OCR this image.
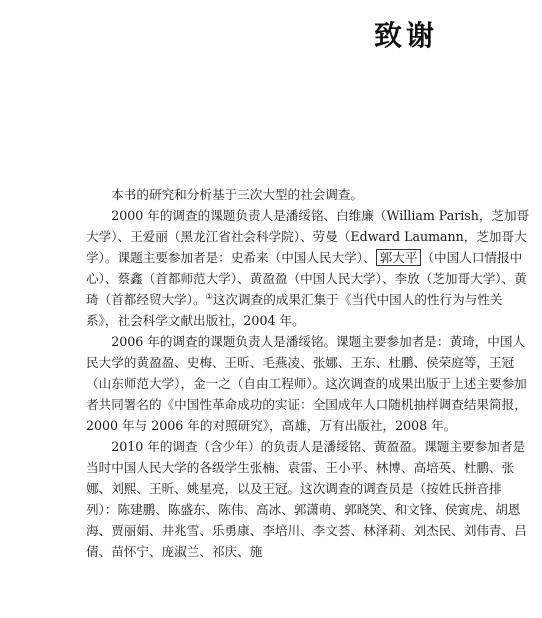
致谢

本书的研究和分析基于三次大型的社会调查。

2000 年的调查的课题负责人是潘绥铭、白维廉（William Parish，芝加哥大学）、王爱丽（黑龙江省社会科学院）、劳曼（Edward Laumann，芝加哥大学）。课题主要参加者是：史希来（中国人民大学）、 郭大平 （中国人口情报中心）、蔡鑫（首都师范大学）、黄盈盈（中国人民大学）、李放（芝加哥大学）、黄琦（首都经贸大学）。①这次调查的成果汇集于《当代中国人的性行为与性关系》，社会科学文献出版社，2004 年。

2006 年的调查的课题负责人是潘绥铭。课题主要参加者是：黄琦，中国人民大学的黄盈盈、史梅、王昕、毛燕凌、张娜、王东、杜鹏、侯荣庭等，王冠（山东师范大学），金一之（自由工程师）。这次调查的成果出版于上述主要参加者共同署名的《中国性革命成功的实证：全国成年人口随机抽样调查结果简报，2000 年与 2006 年的对照研究》，高雄，万有出版社，2008 年。

2010 年的调查（含少年）的负责人是潘绥铭、黄盈盈。课题主要参加者是当时中国人民大学的各级学生张楠、袁雷、王小平、林博、高培英、杜鹏、张娜、刘熙、王昕、姚星亮，以及王冠。这次调查的调查员是（按姓氏拼音排列）：陈建鹏、陈盛东、陈伟、高冰、郭潇萌、郭晓笑、和文锋、侯寅虎、胡恩海、贾丽娟、井兆雪、乐勇康、李培川、李文荟、林泽莉、刘杰民、刘伟青、吕倩、苗怀宁、庞淑兰、祁庆、施
